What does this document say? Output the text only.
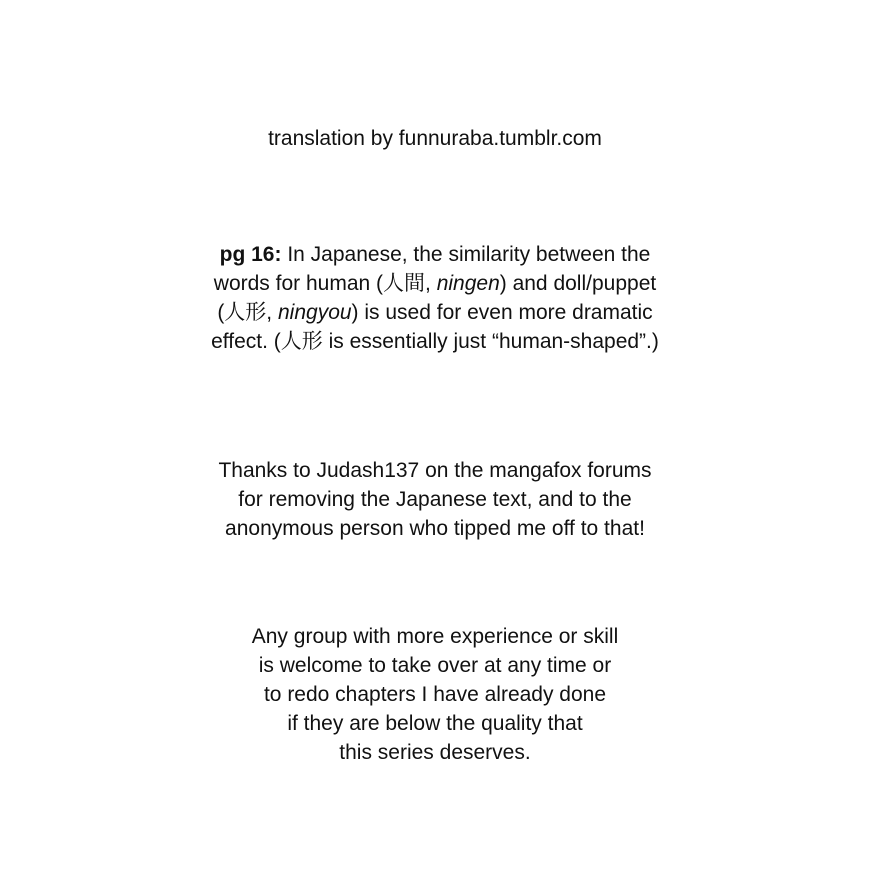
translation by funnuraba.tumblr.com
pg 16: In Japanese, the similarity between the
words for human (人間, ningen) and doll/puppet
(人形, ningyou) is used for even more dramatic
effect. (人形 is essentially just “human-shaped”.)
Thanks to Judash137 on the mangafox forums
for removing the Japanese text, and to the
anonymous person who tipped me off to that!
Any group with more experience or skill
is welcome to take over at any time or
to redo chapters I have already done
if they are below the quality that
this series deserves.
